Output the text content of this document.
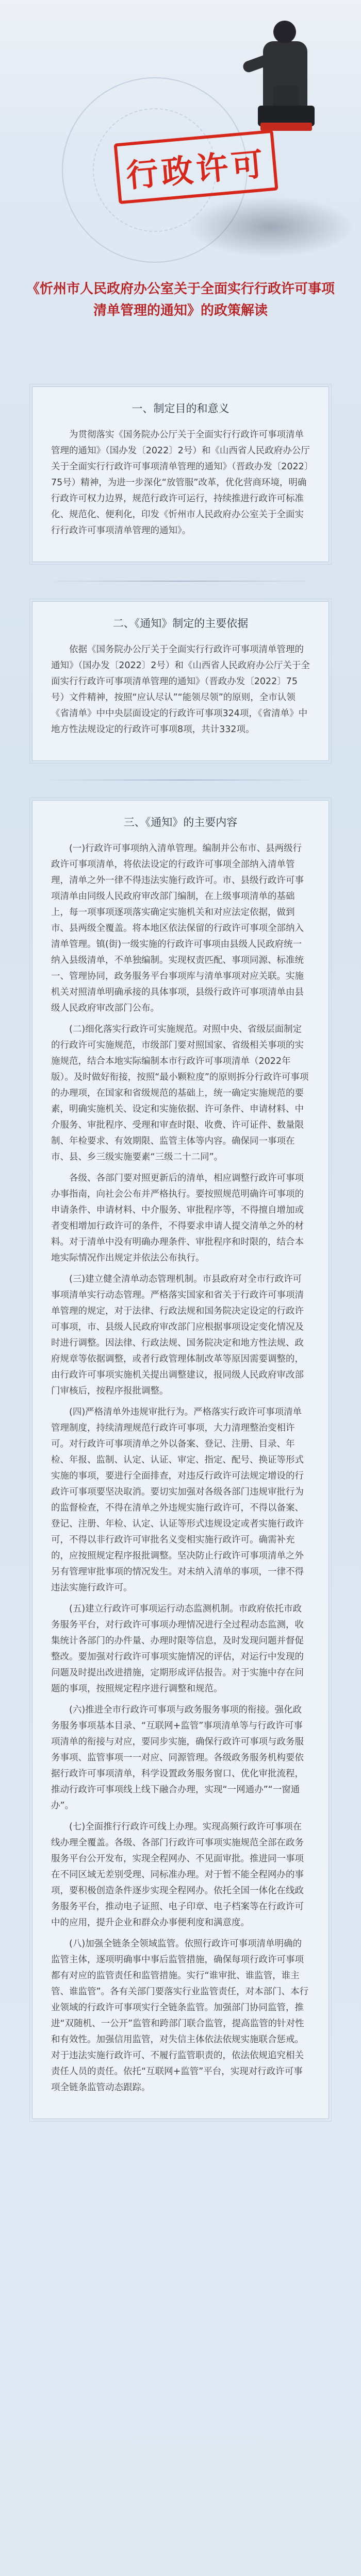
行政许可
《忻州市人民政府办公室关于全面实行行政许可事项清单管理的通知》的政策解读
一、制定目的和意义

为贯彻落实《国务院办公厅关于全面实行行政许可事项清单管理的通知》（国办发〔2022〕2号）和《山西省人民政府办公厅关于全面实行行政许可事项清单管理的通知》（晋政办发〔2022〕75号）精神，为进一步深化“放管服”改革，优化营商环境，明确行政许可权力边界，规范行政许可运行，持续推进行政许可标准化、规范化、便利化，印发《忻州市人民政府办公室关于全面实行行政许可事项清单管理的通知》。

二、《通知》制定的主要依据

依据《国务院办公厅关于全面实行行政许可事项清单管理的通知》（国办发〔2022〕2号）和《山西省人民政府办公厅关于全面实行行政许可事项清单管理的通知》（晋政办发〔2022〕75号）文件精神，按照“应认尽认”“能领尽领”的原则，全市认领《省清单》中中央层面设定的行政许可事项324项，《省清单》中地方性法规设定的行政许可事项8项，共计332项。

三、《通知》的主要内容

(一)行政许可事项纳入清单管理。编制并公布市、县两级行政许可事项清单，将依法设定的行政许可事项全部纳入清单管理，清单之外一律不得违法实施行政许可。市、县级行政许可事项清单由同级人民政府审改部门编制，在上级事项清单的基础上，每一项事项逐项落实确定实施机关和对应法定依据，做到市、县两级全覆盖。将本地区依法保留的行政许可事项全部纳入清单管理。镇(街)一级实施的行政许可事项由县级人民政府统一纳入县级清单，不单独编制。实现权责匹配、事项同源、标准统一、管理协同，政务服务平台事项库与清单事项对应关联。实施机关对照清单明确承接的具体事项，县级行政许可事项清单由县级人民政府审改部门公布。

(二)细化落实行政许可实施规范。对照中央、省级层面制定的行政许可实施规范，市级部门要对照国家、省级相关事项的实施规范，结合本地实际编制本市行政许可事项清单（2022年版）。及时做好衔接，按照“最小颗粒度”的原则拆分行政许可事项的办理项，在国家和省级规范的基础上，统一确定实施规范的要素，明确实施机关、设定和实施依据、许可条件、申请材料、中介服务、审批程序、受理和审查时限、收费、许可证件、数量限制、年检要求、有效期限、监管主体等内容。确保同一事项在市、县、乡三级实施要素“三级二十二同”。

各级、各部门要对照更新后的清单，相应调整行政许可事项办事指南，向社会公布并严格执行。要按照规范明确许可事项的申请条件、申请材料、中介服务、审批程序等，不得擅自增加或者变相增加行政许可的条件，不得要求申请人提交清单之外的材料。对于清单中没有明确办理条件、审批程序和时限的，结合本地实际情况作出规定并依法公布执行。

(三)建立健全清单动态管理机制。市县政府对全市行政许可事项清单实行动态管理。严格落实国家和省关于行政许可事项清单管理的规定，对于法律、行政法规和国务院决定设定的行政许可事项，市、县级人民政府审改部门应根据事项设定变化情况及时进行调整。因法律、行政法规、国务院决定和地方性法规、政府规章等依据调整，或者行政管理体制改革等原因需要调整的，由行政许可事项实施机关提出调整建议，报同级人民政府审改部门审核后，按程序报批调整。

(四)严格清单外违规审批行为。严格落实行政许可事项清单管理制度，持续清理规范行政许可事项，大力清理整治变相许可。对行政许可事项清单之外以备案、登记、注册、目录、年检、年报、监制、认定、认证、审定、指定、配号、换证等形式实施的事项，要进行全面排查，对违反行政许可法规定增设的行政许可事项要坚决取消。要切实加强对各级各部门违规审批行为的监督检查，不得在清单之外违规实施行政许可，不得以备案、登记、注册、年检、认定、认证等形式违规设定或者实施行政许可，不得以非行政许可审批名义变相实施行政许可。确需补充的，应按照规定程序报批调整。坚决防止行政许可事项清单之外另有管理审批事项的情况发生。对未纳入清单的事项，一律不得违法实施行政许可。

(五)建立行政许可事项运行动态监测机制。市政府依托市政务服务平台，对行政许可事项办理情况进行全过程动态监测，收集统计各部门的办件量、办理时限等信息，及时发现问题并督促整改。要加强对行政许可事项实施情况的评估，对运行中发现的问题及时提出改进措施，定期形成评估报告。对于实施中存在问题的事项，按照规定程序进行调整和规范。

(六)推进全市行政许可事项与政务服务事项的衔接。强化政务服务事项基本目录、“互联网+监管”事项清单等与行政许可事项清单的衔接与对应，要同步实施，确保行政许可事项与政务服务事项、监管事项一一对应、同源管理。各级政务服务机构要依据行政许可事项清单，科学设置政务服务窗口、优化审批流程，推动行政许可事项线上线下融合办理，实现“一网通办”“一窗通办”。

(七)全面推行行政许可线上办理。实现高频行政许可事项在线办理全覆盖。各级、各部门行政许可事项实施规范全部在政务服务平台公开发布，实现全程网办、不见面审批。推进同一事项在不同区域无差别受理、同标准办理。对于暂不能全程网办的事项，要积极创造条件逐步实现全程网办。依托全国一体化在线政务服务平台，推动电子证照、电子印章、电子档案等在行政许可中的应用，提升企业和群众办事便利度和满意度。

(八)加强全链条全领域监管。依照行政许可事项清单明确的监管主体，逐项明确事中事后监管措施，确保每项行政许可事项都有对应的监管责任和监管措施。实行“谁审批、谁监管，谁主管、谁监管”。各有关部门要落实行业监管责任，对本部门、本行业领域的行政许可事项实行全链条监管。加强部门协同监管，推进“双随机、一公开”监管和跨部门联合监管，提高监管的针对性和有效性。加强信用监管，对失信主体依法依规实施联合惩戒。对于违法实施行政许可、不履行监管职责的，依法依规追究相关责任人员的责任。依托“互联网+监管”平台，实现对行政许可事项全链条监管动态跟踪。
